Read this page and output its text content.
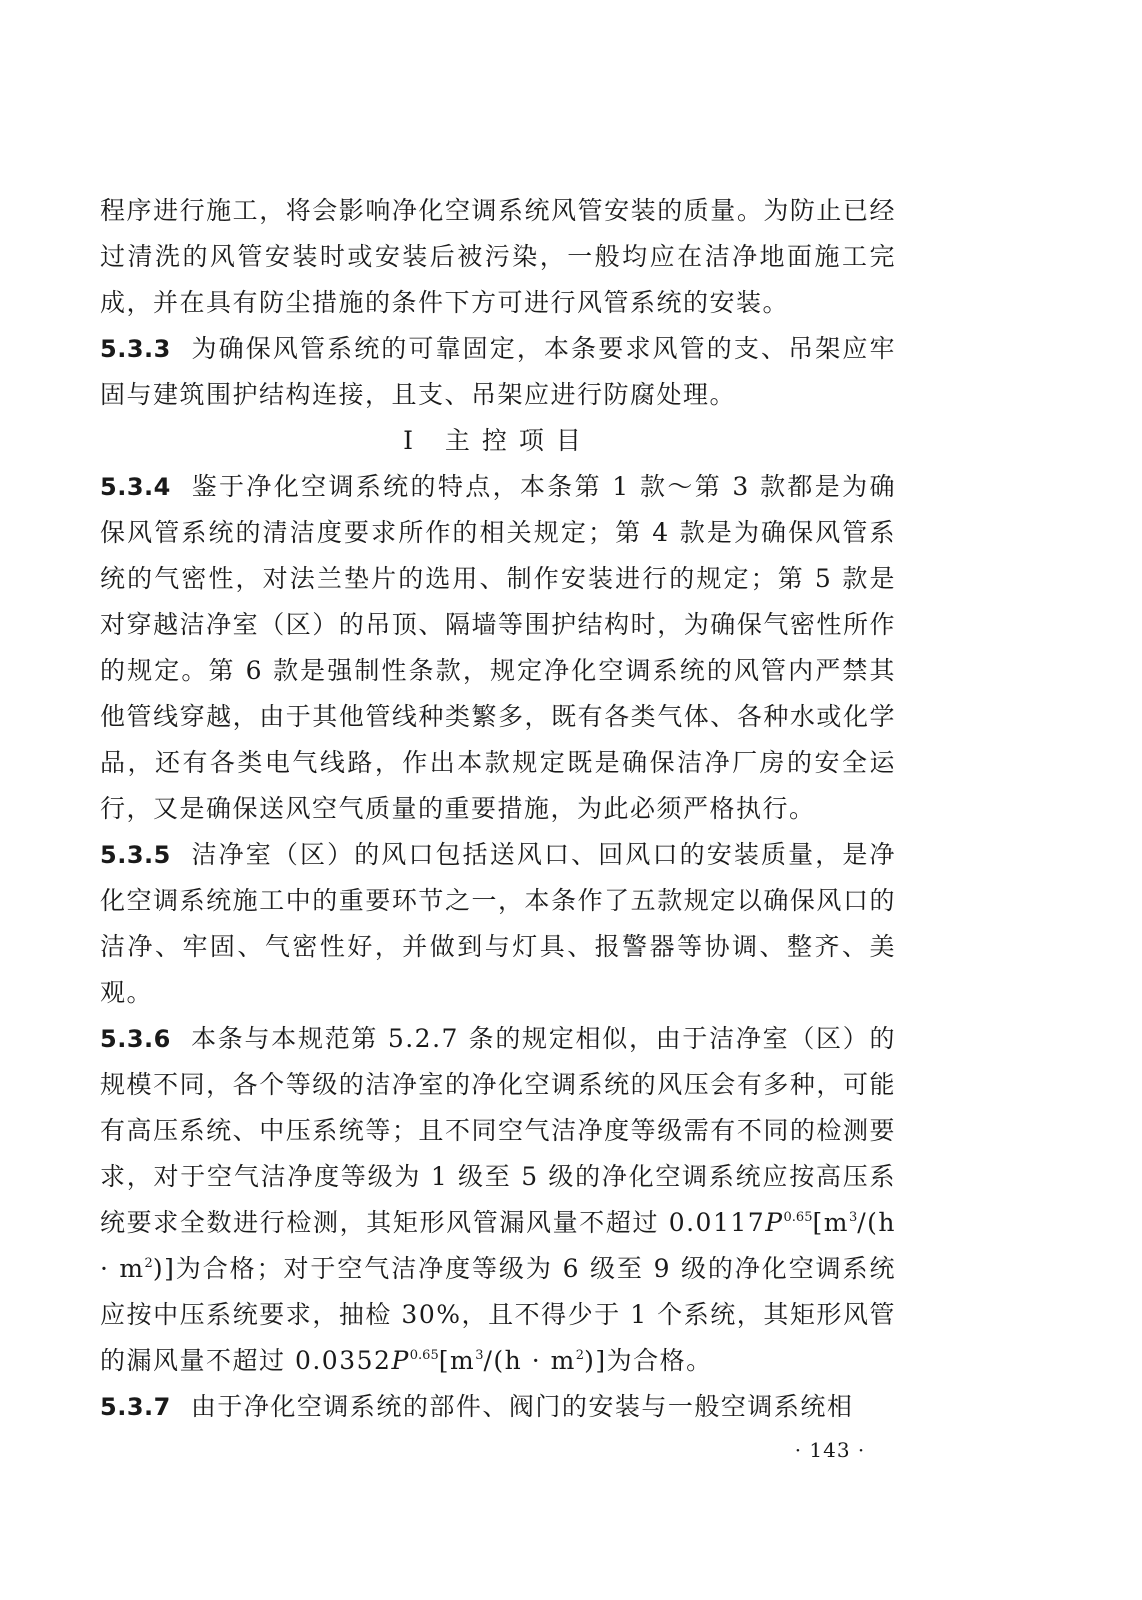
程序进行施工，将会影响净化空调系统风管安装的质量。为防止已经过清洗的风管安装时或安装后被污染，一般均应在洁净地面施工完成，并在具有防尘措施的条件下方可进行风管系统的安装。

5.3.3 为确保风管系统的可靠固定，本条要求风管的支、吊架应牢固与建筑围护结构连接，且支、吊架应进行防腐处理。

Ⅰ 主控项目

5.3.4 鉴于净化空调系统的特点，本条第 1 款～第 3 款都是为确保风管系统的清洁度要求所作的相关规定；第 4 款是为确保风管系统的气密性，对法兰垫片的选用、制作安装进行的规定；第 5 款是对穿越洁净室（区）的吊顶、隔墙等围护结构时，为确保气密性所作的规定。第 6 款是强制性条款，规定净化空调系统的风管内严禁其他管线穿越，由于其他管线种类繁多，既有各类气体、各种水或化学品，还有各类电气线路，作出本款规定既是确保洁净厂房的安全运行，又是确保送风空气质量的重要措施，为此必须严格执行。

5.3.5 洁净室（区）的风口包括送风口、回风口的安装质量，是净化空调系统施工中的重要环节之一，本条作了五款规定以确保风口的洁净、牢固、气密性好，并做到与灯具、报警器等协调、整齐、美观。

5.3.6 本条与本规范第 5.2.7 条的规定相似，由于洁净室（区）的规模不同，各个等级的洁净室的净化空调系统的风压会有多种，可能有高压系统、中压系统等；且不同空气洁净度等级需有不同的检测要求，对于空气洁净度等级为 1 级至 5 级的净化空调系统应按高压系统要求全数进行检测，其矩形风管漏风量不超过 $0.0117P^{0.65}[m^3/(h \cdot m^2)]$为合格；对于空气洁净度等级为 6 级至 9 级的净化空调系统应按中压系统要求，抽检 30%，且不得少于 1 个系统，其矩形风管的漏风量不超过 $0.0352P^{0.65}[m^3/(h \cdot m^2)]$为合格。

5.3.7 由于净化空调系统的部件、阀门的安装与一般空调系统相

· 143 ·
